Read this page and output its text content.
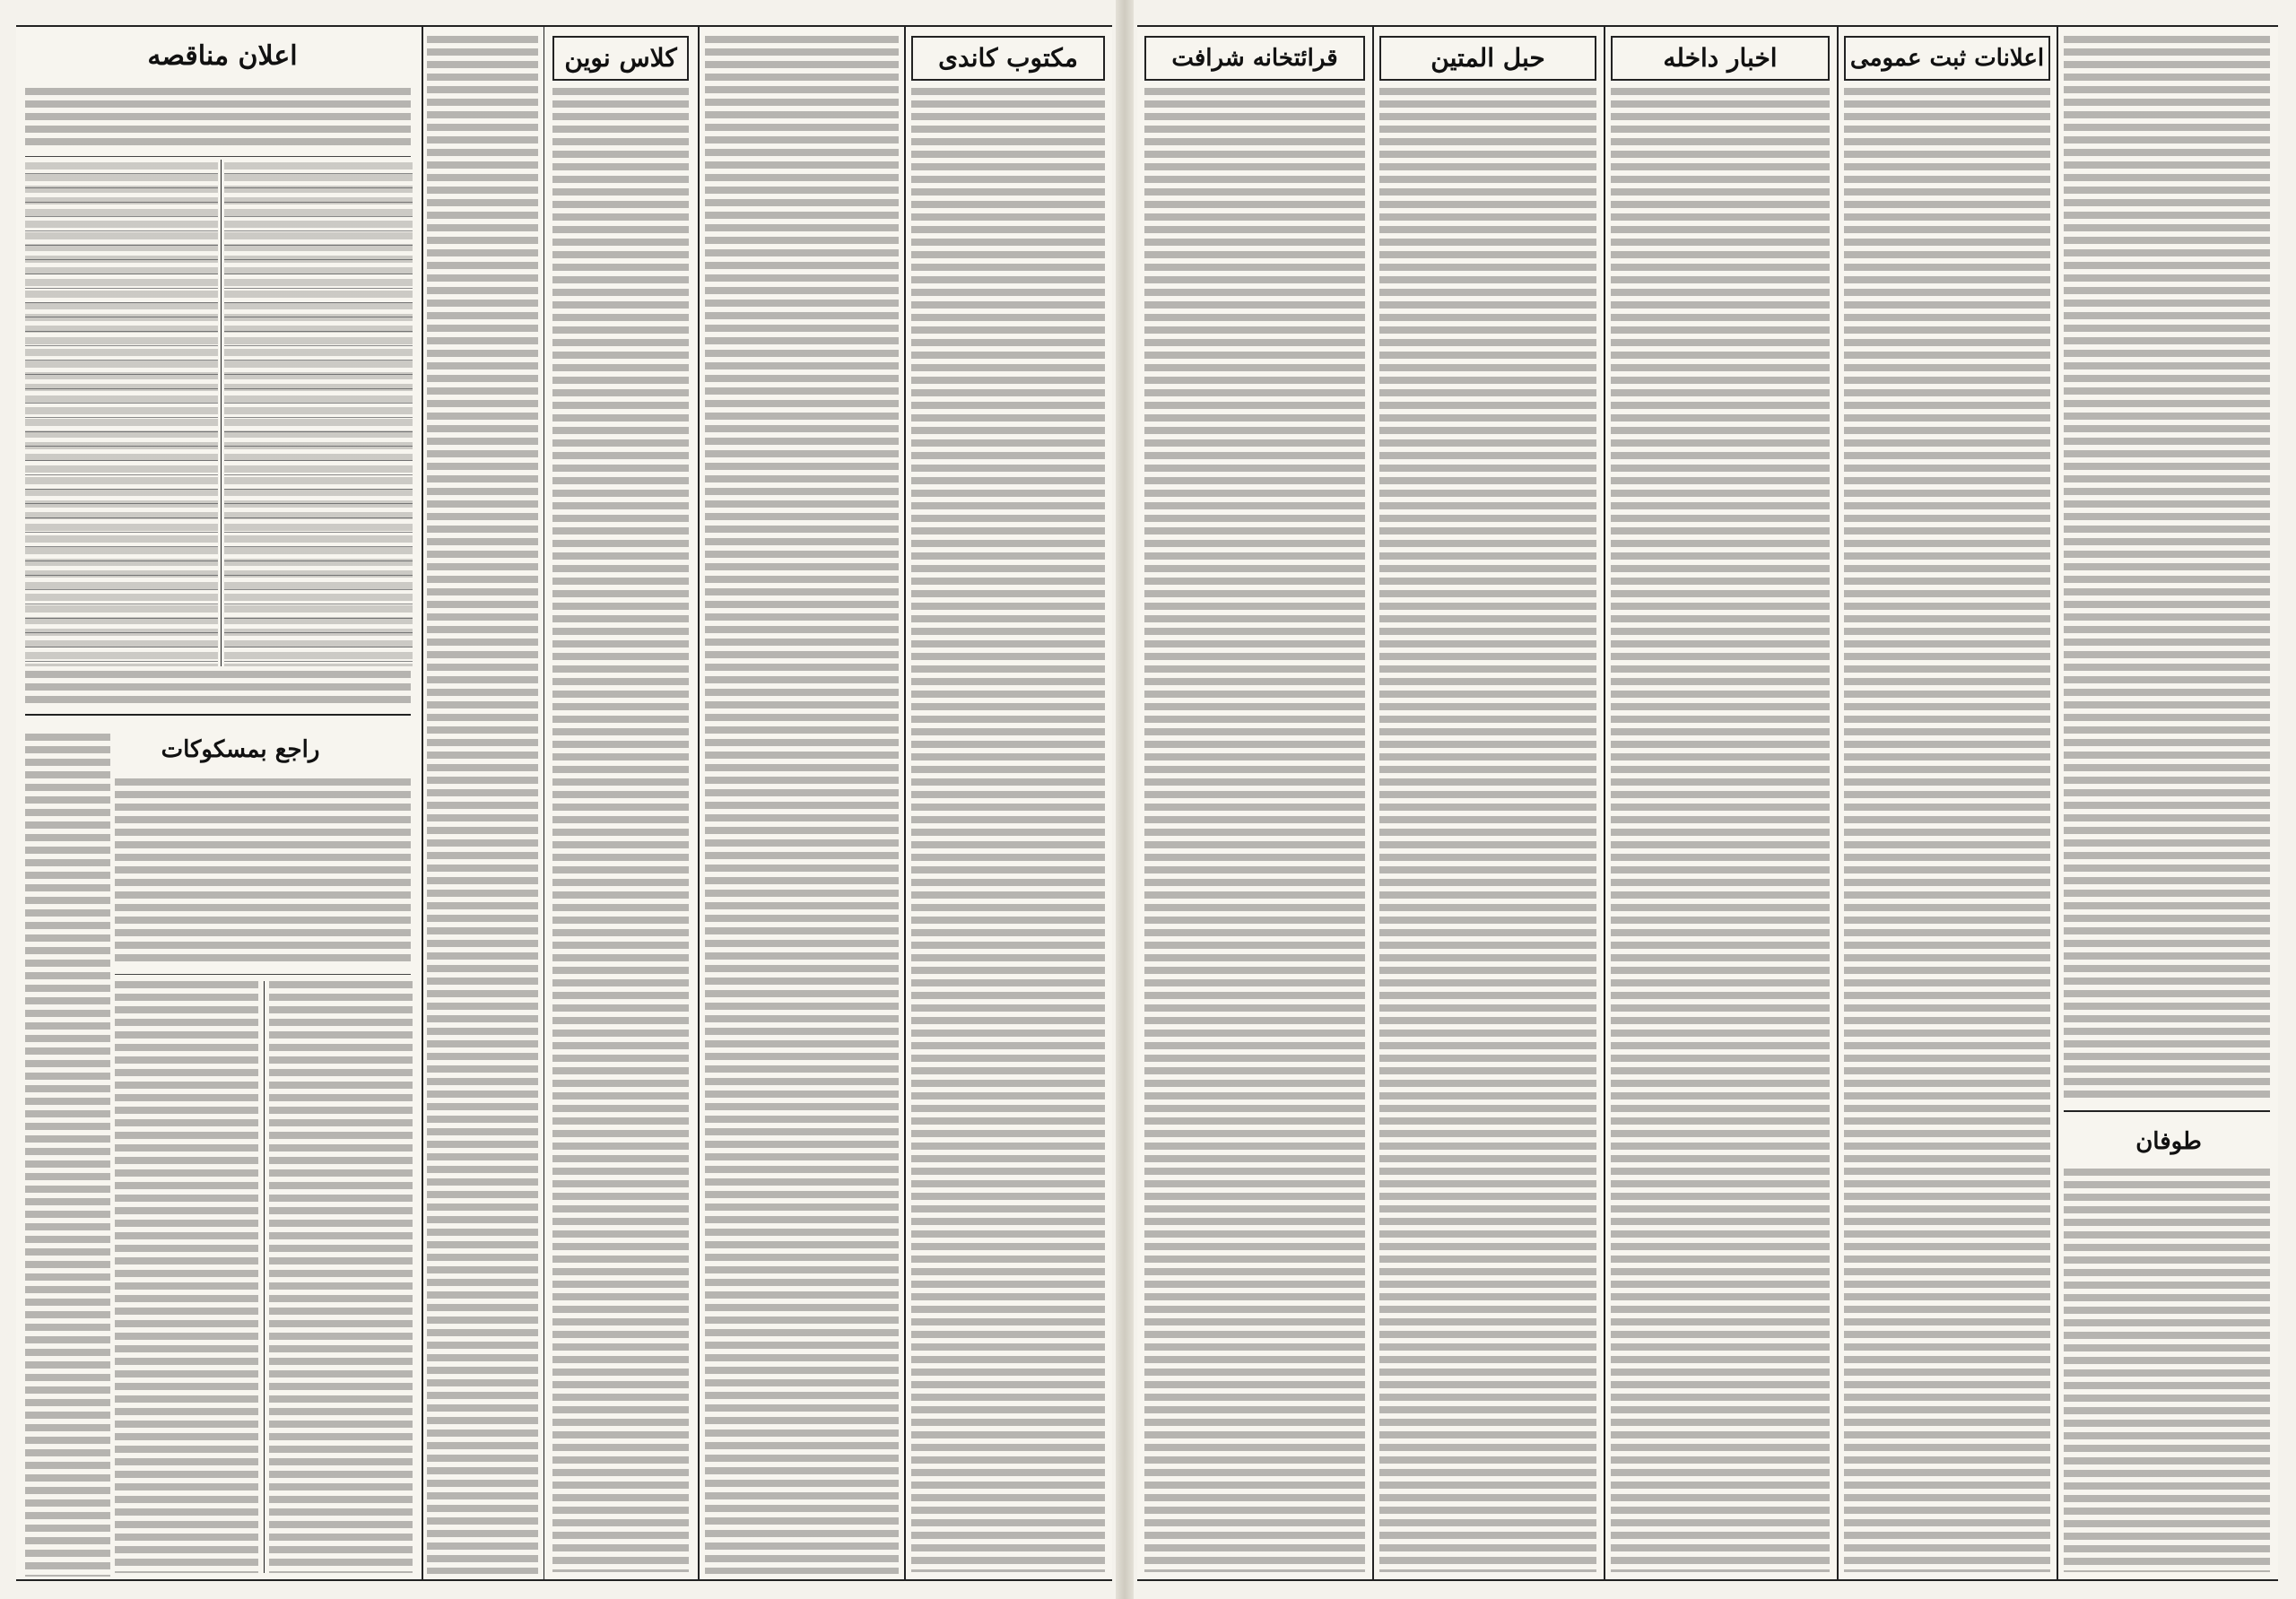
اعلان مناقصه
راجع بمسکوکات
کلاس نوین	مکتوب کاندی	قرائتخانه شرافت	حبل المتین	اخبار داخله	اعلانات ثبت عمومی
طوفان
